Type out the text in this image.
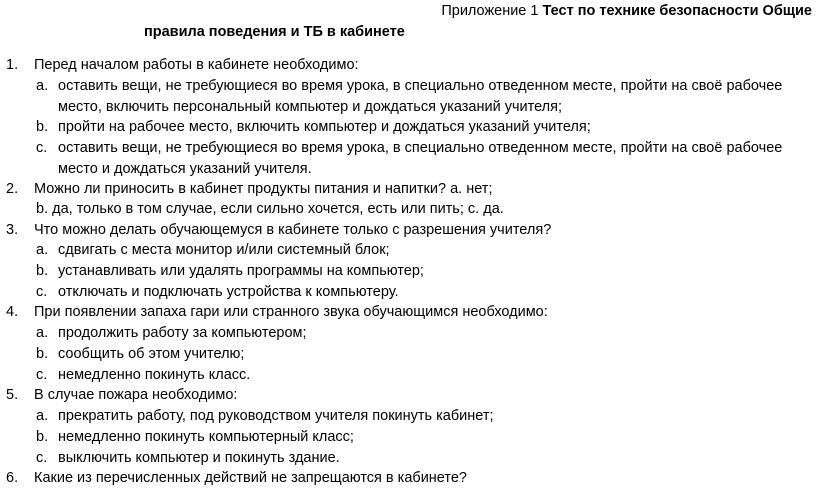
Приложение 1 Тест по технике безопасности Общие
правила поведения и ТБ в кабинете
1. Перед началом работы в кабинете необходимо:
a. оставить вещи, не требующиеся во время урока, в специально отведенном месте, пройти на своё рабочее место, включить персональный компьютер и дождаться указаний учителя;
b. пройти на рабочее место, включить компьютер и дождаться указаний учителя;
c. оставить вещи, не требующиеся во время урока, в специально отведенном месте, пройти на своё рабочее место и дождаться указаний учителя.
2. Можно ли приносить в кабинет продукты питания и напитки? a. нет;
b. да, только в том случае, если сильно хочется, есть или пить; c. да.
3. Что можно делать обучающемуся в кабинете только с разрешения учителя?
a. сдвигать с места монитор и/или системный блок;
b. устанавливать или удалять программы на компьютер;
c. отключать и подключать устройства к компьютеру.
4. При появлении запаха гари или странного звука обучающимся необходимо:
a. продолжить работу за компьютером;
b. сообщить об этом учителю;
c. немедленно покинуть класс.
5. В случае пожара необходимо:
a. прекратить работу, под руководством учителя покинуть кабинет;
b. немедленно покинуть компьютерный класс;
c. выключить компьютер и покинуть здание.
6. Какие из перечисленных действий не запрещаются в кабинете?
